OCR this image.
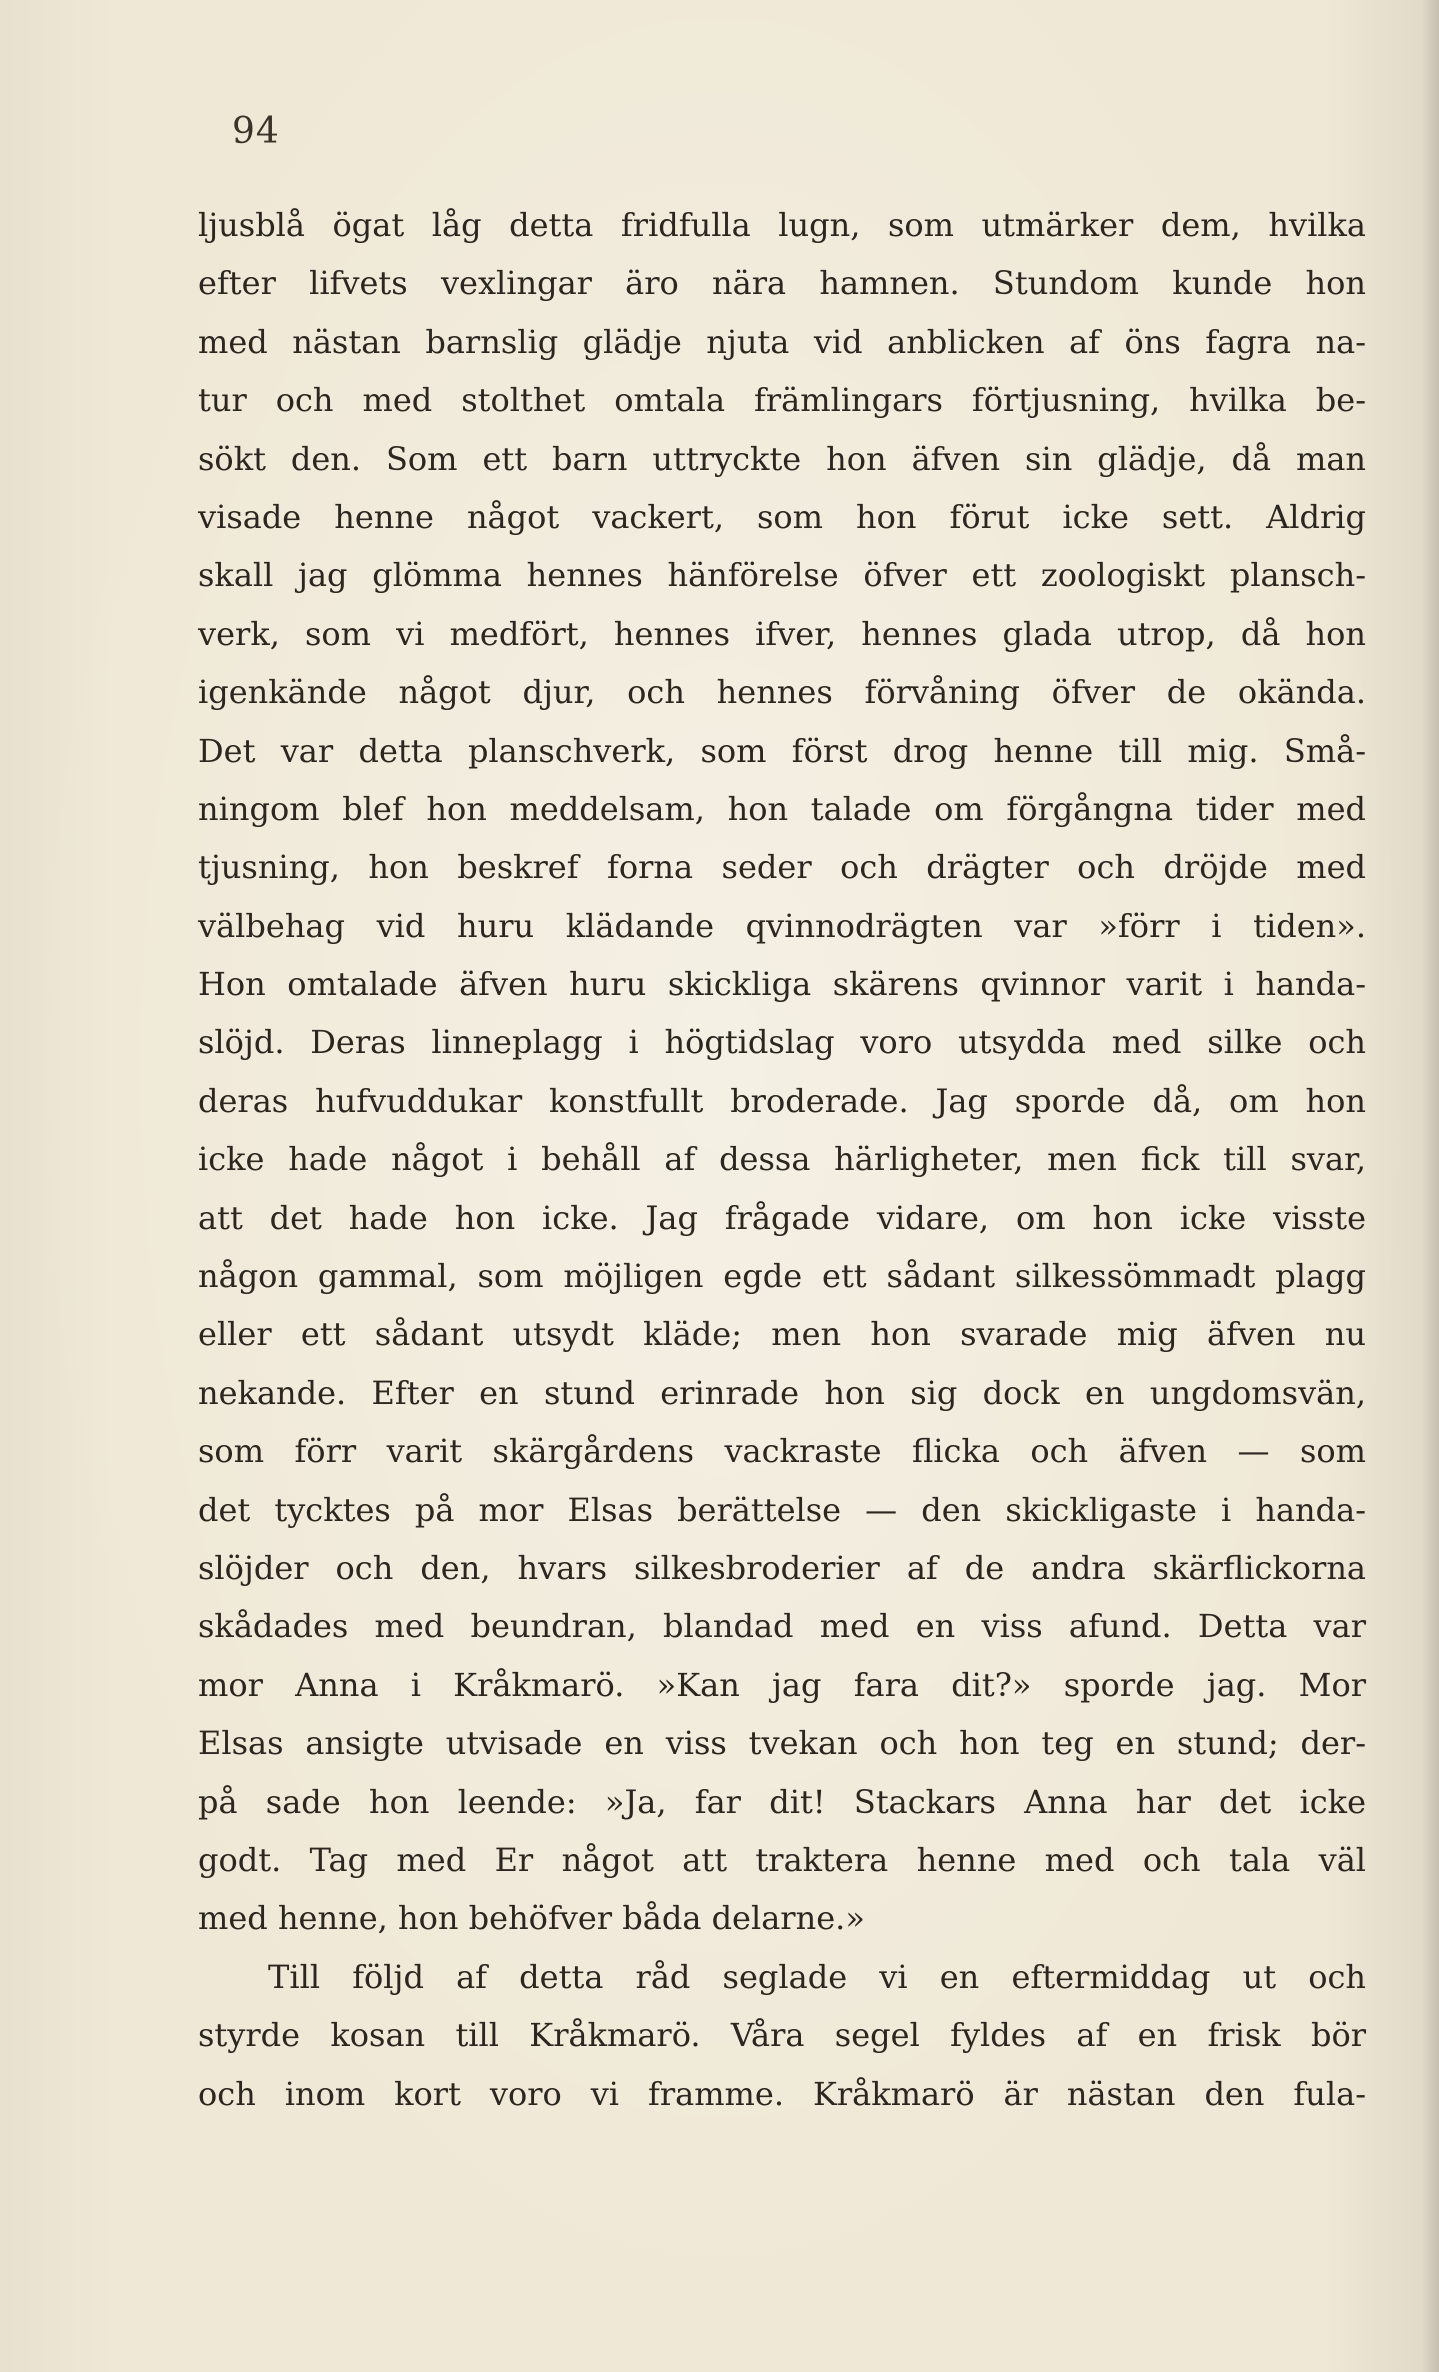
94
ljusblå ögat låg detta fridfulla lugn, som utmärker dem, hvilka
efter lifvets vexlingar äro nära hamnen. Stundom kunde hon
med nästan barnslig glädje njuta vid anblicken af öns fagra na-
tur och med stolthet omtala främlingars förtjusning, hvilka be-
sökt den. Som ett barn uttryckte hon äfven sin glädje, då man
visade henne något vackert, som hon förut icke sett. Aldrig
skall jag glömma hennes hänförelse öfver ett zoologiskt plansch-
verk, som vi medfört, hennes ifver, hennes glada utrop, då hon
igenkände något djur, och hennes förvåning öfver de okända.
Det var detta planschverk, som först drog henne till mig. Små-
ningom blef hon meddelsam, hon talade om förgångna tider med
tjusning, hon beskref forna seder och drägter och dröjde med
välbehag vid huru klädande qvinnodrägten var »förr i tiden».
Hon omtalade äfven huru skickliga skärens qvinnor varit i handa-
slöjd. Deras linneplagg i högtidslag voro utsydda med silke och
deras hufvuddukar konstfullt broderade. Jag sporde då, om hon
icke hade något i behåll af dessa härligheter, men fick till svar,
att det hade hon icke. Jag frågade vidare, om hon icke visste
någon gammal, som möjligen egde ett sådant silkessömmadt plagg
eller ett sådant utsydt kläde; men hon svarade mig äfven nu
nekande. Efter en stund erinrade hon sig dock en ungdomsvän,
som förr varit skärgårdens vackraste flicka och äfven — som
det tycktes på mor Elsas berättelse — den skickligaste i handa-
slöjder och den, hvars silkesbroderier af de andra skärflickorna
skådades med beundran, blandad med en viss afund. Detta var
mor Anna i Kråkmarö. »Kan jag fara dit?» sporde jag. Mor
Elsas ansigte utvisade en viss tvekan och hon teg en stund; der-
på sade hon leende: »Ja, far dit! Stackars Anna har det icke
godt. Tag med Er något att traktera henne med och tala väl
med henne, hon behöfver båda delarne.»
Till följd af detta råd seglade vi en eftermiddag ut och
styrde kosan till Kråkmarö. Våra segel fyldes af en frisk bör
och inom kort voro vi framme. Kråkmarö är nästan den fula-
